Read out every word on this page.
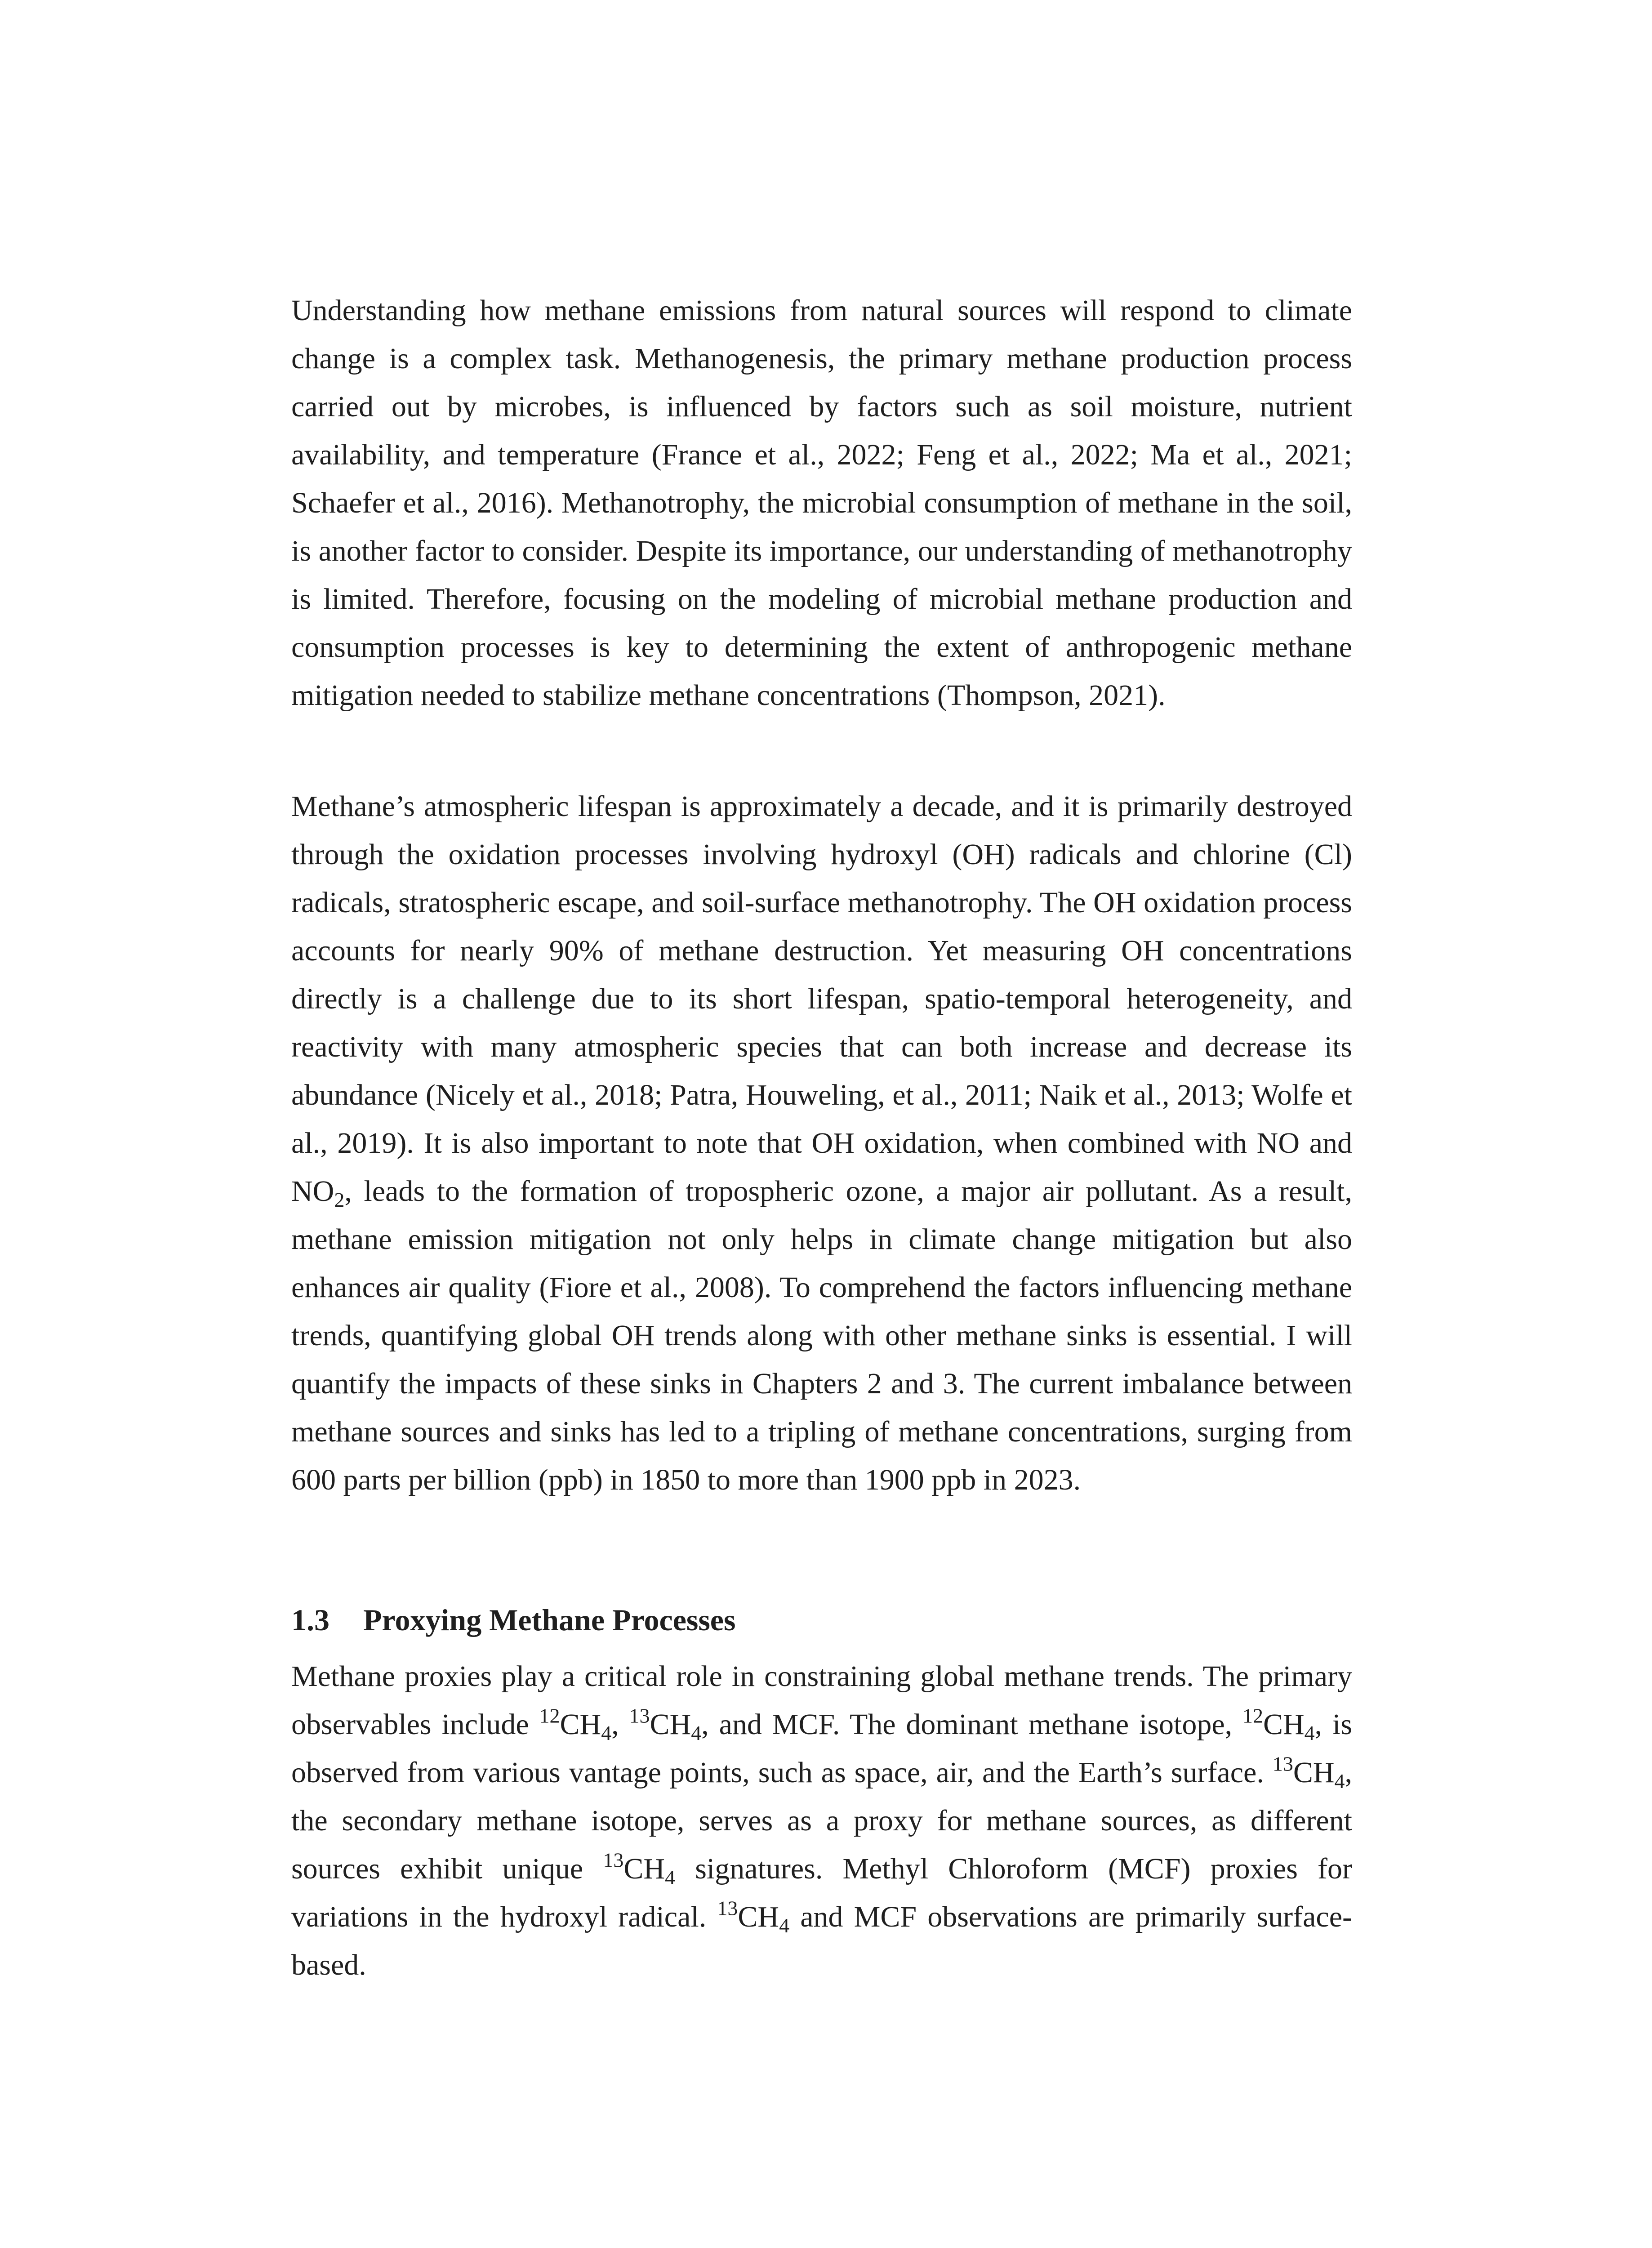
Understanding how methane emissions from natural sources will respond to climate change is a complex task. Methanogenesis, the primary methane production process carried out by microbes, is influenced by factors such as soil moisture, nutrient availability, and temperature (France et al., 2022; Feng et al., 2022; Ma et al., 2021; Schaefer et al., 2016). Methanotrophy, the microbial consumption of methane in the soil, is another factor to consider. Despite its importance, our understanding of methanotrophy is limited. Therefore, focusing on the modeling of microbial methane production and consumption processes is key to determining the extent of anthropogenic methane mitigation needed to stabilize methane concentrations (Thompson, 2021).

Methane’s atmospheric lifespan is approximately a decade, and it is primarily destroyed through the oxidation processes involving hydroxyl (OH) radicals and chlorine (Cl) radicals, stratospheric escape, and soil-surface methanotrophy. The OH oxidation process accounts for nearly 90% of methane destruction. Yet measuring OH concentrations directly is a challenge due to its short lifespan, spatio-temporal heterogeneity, and reactivity with many atmospheric species that can both increase and decrease its abundance (Nicely et al., 2018; Patra, Houweling, et al., 2011; Naik et al., 2013; Wolfe et al., 2019). It is also important to note that OH oxidation, when combined with NO and $NO_2$, leads to the formation of tropospheric ozone, a major air pollutant. As a result, methane emission mitigation not only helps in climate change mitigation but also enhances air quality (Fiore et al., 2008). To comprehend the factors influencing methane trends, quantifying global OH trends along with other methane sinks is essential. I will quantify the impacts of these sinks in Chapters 2 and 3. The current imbalance between methane sources and sinks has led to a tripling of methane concentrations, surging from 600 parts per billion (ppb) in 1850 to more than 1900 ppb in 2023.

1.3 Proxying Methane Processes

Methane proxies play a critical role in constraining global methane trends. The primary observables include $^{12}CH_4$, $^{13}CH_4$, and MCF. The dominant methane isotope, $^{12}CH_4$, is observed from various vantage points, such as space, air, and the Earth’s surface. $^{13}CH_4$, the secondary methane isotope, serves as a proxy for methane sources, as different sources exhibit unique $^{13}CH_4$ signatures. Methyl Chloroform (MCF) proxies for variations in the hydroxyl radical. $^{13}CH_4$ and MCF observations are primarily surface-based.
